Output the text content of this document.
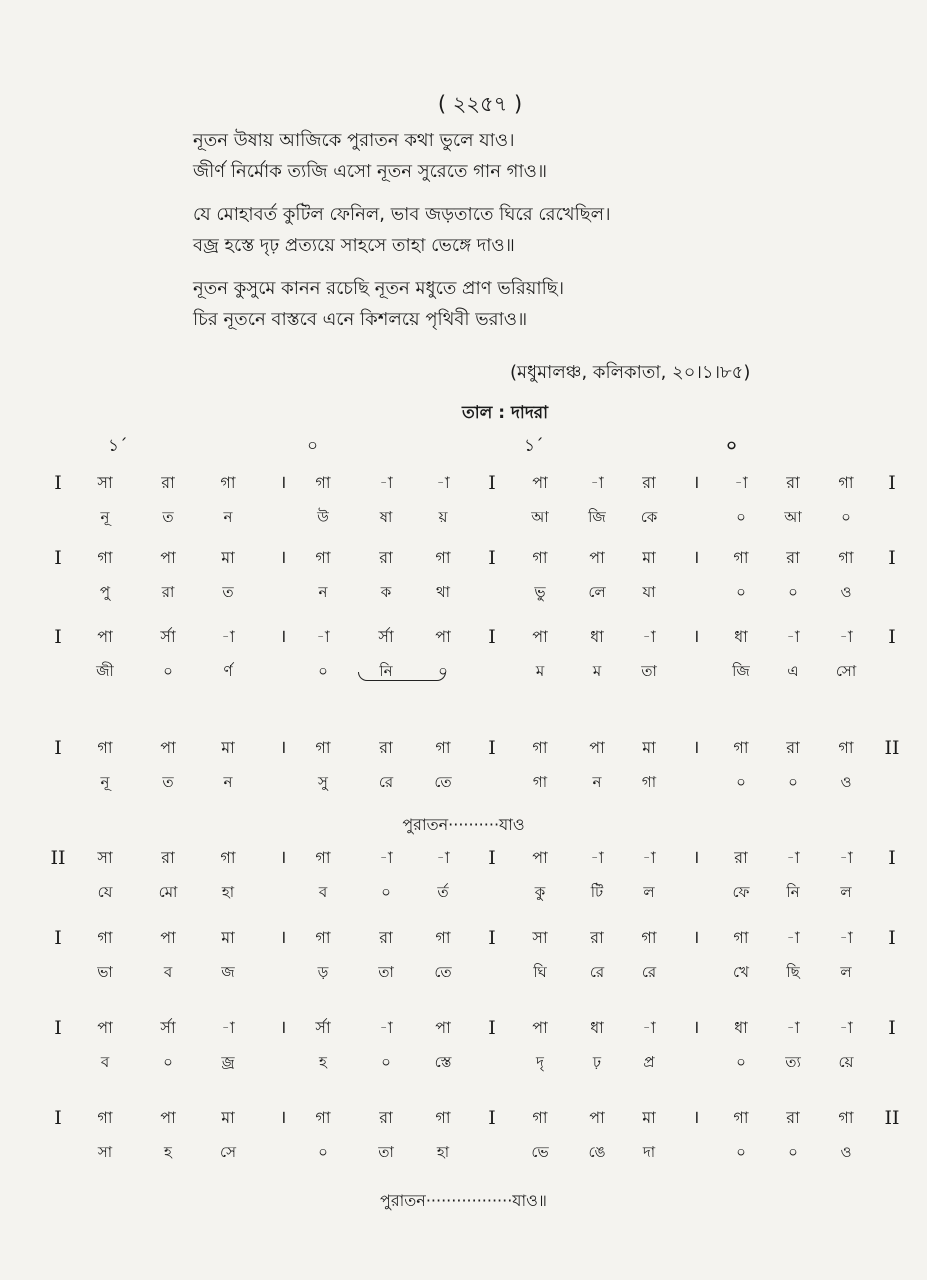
( ২২৫৭ )
নূতন উষায় আজিকে পুরাতন কথা ভুলে যাও।
জীর্ণ নির্মোক ত্যজি এসো নূতন সুরেতে গান গাও॥
যে মোহাবর্ত কুটিল ফেনিল, ভাব জড়তাতে ঘিরে রেখেছিল।
বজ্র হস্তে দৃঢ় প্রত্যয়ে সাহসে তাহা ভেঙ্গে দাও॥
নূতন কুসুমে কানন রচেছি নূতন মধুতে প্রাণ ভরিয়াছি।
চির নূতনে বাস্তবে এনে কিশলয়ে পৃথিবী ভরাও॥
(মধুমালঞ্চ, কলিকাতা, ২০।১।৮৫)
তাল : দাদরা
১´	০	১´	০
I সা	রা	গা । গা	-া	-া I পা	-া রা । -া রা গা I
নূ	ত	ন	উ	ষা	য়	আ	জি কে	০	আ	০
I গা	পা	মা । গা	রা	গা I গা	পা মা । গা রা গা I
পু	রা	ত	ন	ক	থা	ভু	লে যা	০	০	ও
I পা	র্সা	-া	। -া	র্সা	পা I পা	ধা -া । ধা -া -া I
জী	০	র্ণ	০	নি	০	ম	ম	তা	জি এ সো
I গা	পা	মা । গা	রা	গা I গা	পা মা । গা রা গা II
নূ	ত	ন	সু	রে	তে	গা	ন	গা	০	০	ও
II সা	রা	গা । গা	-া	-া I পা	-া -া । রা -া -া I
যে	মো	হা	ব	০	র্ত	কু	টি	ল	ফে নি	ল
I গা	পা	মা । গা	রা	গা I সা	রা গা । গা -া -া I
ভা	ব	জ	ড়	তা	তে	ঘি	রে	রে	খে ছি	ল
I পা	র্সা	-া	। র্সা	-া	পা I পা	ধা -া । ধা -া -া I
ব	০	জ্র	হ	০	স্তে	দৃ	ঢ়	প্র	০	ত্য	য়ে
I গা	পা	মা । গা	রা	গা I গা	পা মা । গা রা গা II
সা	হ	সে	০	তা	হা	ভে	ঙে দা	০	০	ও
পুরাতন··········যাও
পুরাতন·················যাও॥
